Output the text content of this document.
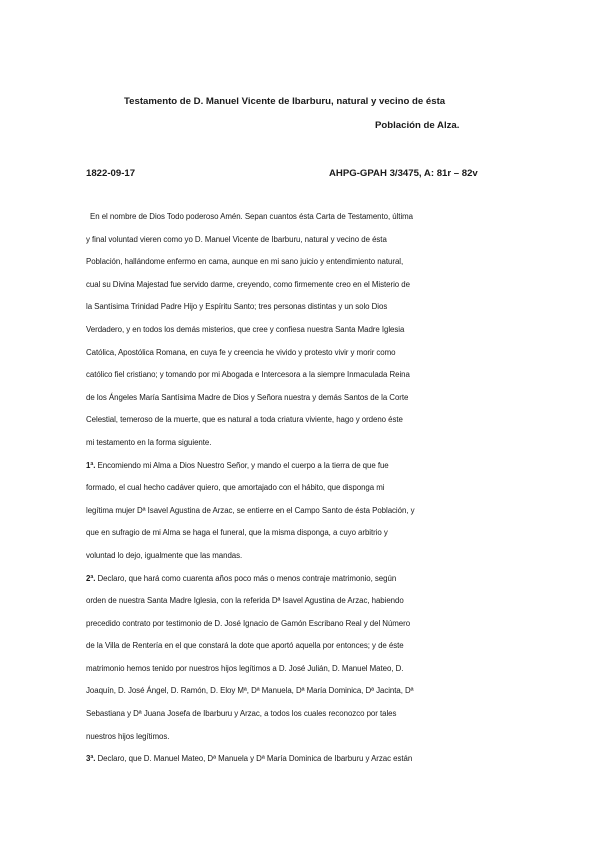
Testamento de D. Manuel Vicente de Ibarburu, natural y vecino de ésta
Población de Alza.
1822-09-17	AHPG-GPAH 3/3475, A: 81r – 82v
En el nombre de Dios Todo poderoso Amén. Sepan cuantos ésta Carta de Testamento, última
y final voluntad vieren como yo D. Manuel Vicente de Ibarburu, natural y vecino de ésta
Población, hallándome enfermo en cama, aunque en mi sano juicio y entendimiento natural,
cual su Divina Majestad fue servido darme, creyendo, como firmemente creo en el Misterio de
la Santísima Trinidad Padre Hijo y Espíritu Santo; tres personas distintas y un solo Dios
Verdadero, y en todos los demás misterios, que cree y confiesa nuestra Santa Madre Iglesia
Católica, Apostólica Romana, en cuya fe y creencia he vivido y protesto vivir y morir como
católico fiel cristiano; y tomando por mi Abogada e Intercesora a la siempre Inmaculada Reina
de los Ángeles María Santísima Madre de Dios y Señora nuestra y demás Santos de la Corte
Celestial, temeroso de la muerte, que es natural a toda criatura viviente, hago y ordeno éste
mi testamento en la forma siguiente.
1ª. Encomiendo mi Alma a Dios Nuestro Señor, y mando el cuerpo a la tierra de que fue
formado, el cual hecho cadáver quiero, que amortajado con el hábito, que disponga mi
legítima mujer Dª Isavel Agustina de Arzac, se entierre en el Campo Santo de ésta Población, y
que en sufragio de mi Alma se haga el funeral, que la misma disponga, a cuyo arbitrio y
voluntad lo dejo, igualmente que las mandas.
2ª. Declaro, que hará como cuarenta años poco más o menos contraje matrimonio, según
orden de nuestra Santa Madre Iglesia, con la referida Dª Isavel Agustina de Arzac, habiendo
precedido contrato por testimonio de D. José Ignacio de Gamón Escribano Real y del Número
de la Villa de Rentería en el que constará la dote que aportó aquella por entonces; y de éste
matrimonio hemos tenido por nuestros hijos legítimos a D. José Julián, D. Manuel Mateo, D.
Joaquín, D. José Ángel, D. Ramón, D. Eloy Mª, Dª Manuela, Dª María Dominica, Dª Jacinta, Dª
Sebastiana y Dª Juana Josefa de Ibarburu y Arzac, a todos los cuales reconozco por tales
nuestros hijos legítimos.
3ª. Declaro, que D. Manuel Mateo, Dª Manuela y Dª María Dominica de Ibarburu y Arzac están
